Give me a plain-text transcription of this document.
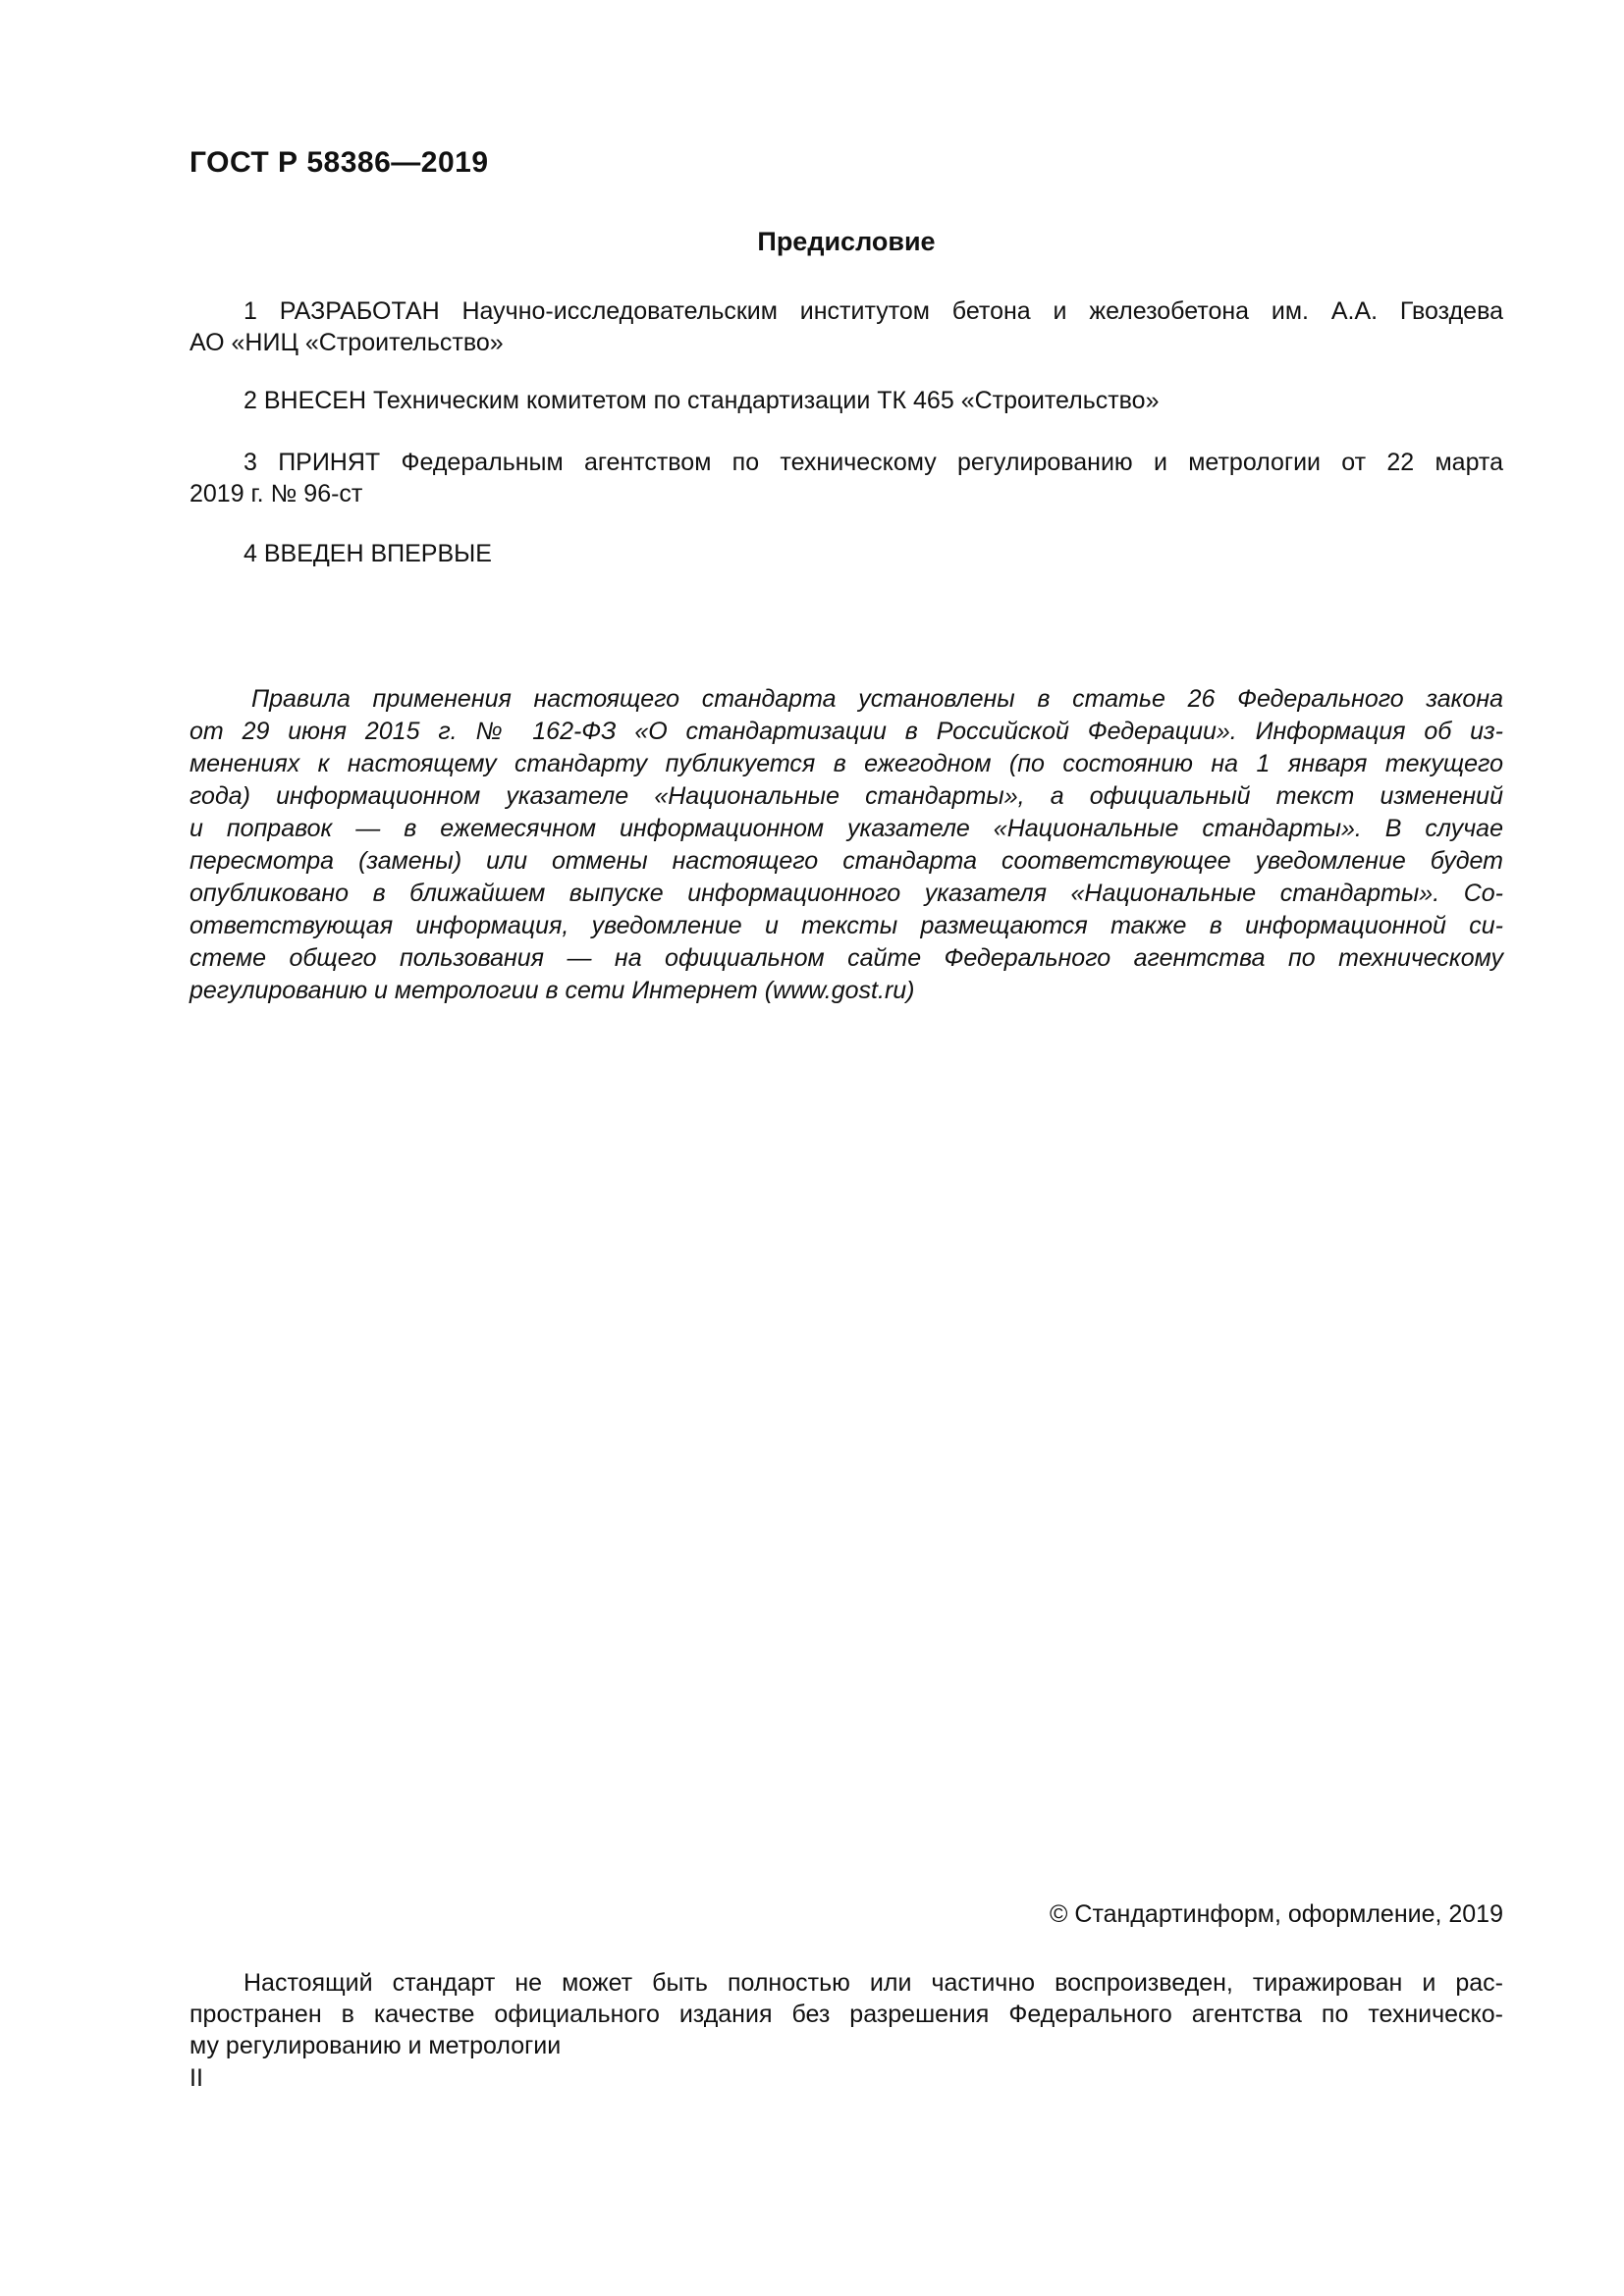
ГОСТ Р 58386—2019
Предисловие
1 РАЗРАБОТАН Научно-исследовательским институтом бетона и железобетона им. А.А. Гвоздева
АО «НИЦ «Строительство»
2 ВНЕСЕН Техническим комитетом по стандартизации ТК 465 «Строительство»
3 ПРИНЯТ Федеральным агентством по техническому регулированию и метрологии от 22 марта
2019 г. № 96-ст
4 ВВЕДЕН ВПЕРВЫЕ
Правила применения настоящего стандарта установлены в статье 26 Федерального закона
от 29 июня 2015 г. № 162-ФЗ «О стандартизации в Российской Федерации». Информация об из-
менениях к настоящему стандарту публикуется в ежегодном (по состоянию на 1 января текущего
года) информационном указателе «Национальные стандарты», а официальный текст изменений
и поправок — в ежемесячном информационном указателе «Национальные стандарты». В случае
пересмотра (замены) или отмены настоящего стандарта соответствующее уведомление будет
опубликовано в ближайшем выпуске информационного указателя «Национальные стандарты». Со-
ответствующая информация, уведомление и тексты размещаются также в информационной си-
стеме общего пользования — на официальном сайте Федерального агентства по техническому
регулированию и метрологии в сети Интернет (www.gost.ru)
© Стандартинформ, оформление, 2019
Настоящий стандарт не может быть полностью или частично воспроизведен, тиражирован и рас-
пространен в качестве официального издания без разрешения Федерального агентства по техническо-
му регулированию и метрологии
II
